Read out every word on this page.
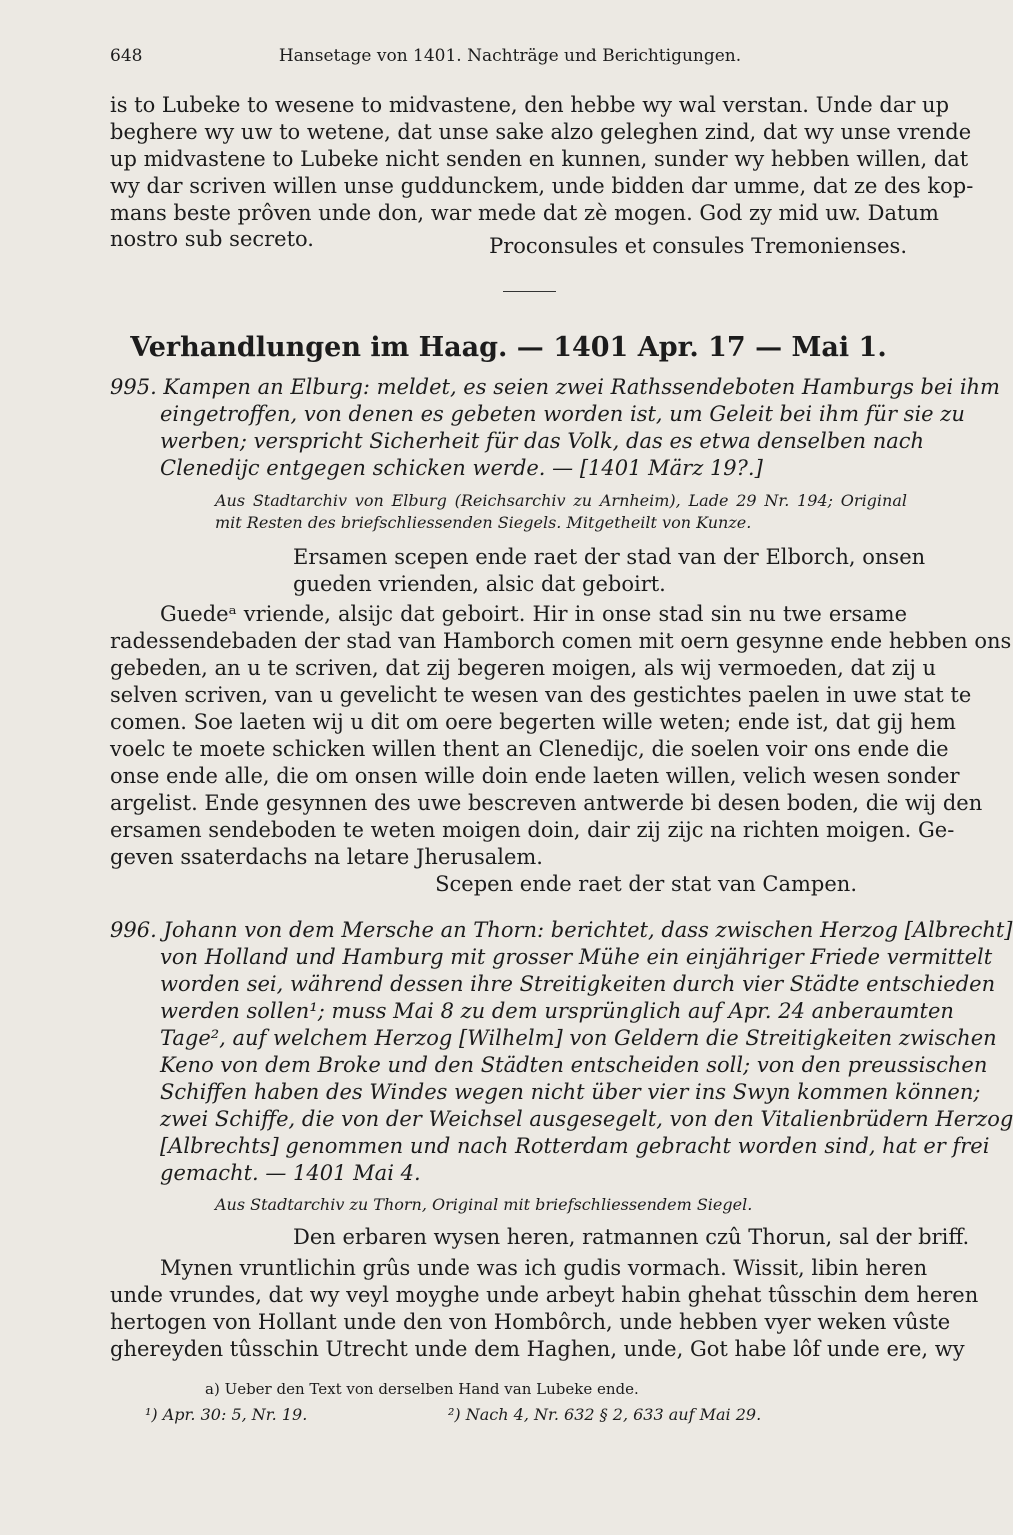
648	Hansetage von 1401. Nachträge und Berichtigungen.
is to Lubeke to wesene to midvastene, den hebbe wy wal verstan. Unde dar up
beghere wy uw to wetene, dat unse sake alzo geleghen zind, dat wy unse vrende
up midvastene to Lubeke nicht senden en kunnen, sunder wy hebben willen, dat
wy dar scriven willen unse guddunckem, unde bidden dar umme, dat ze des kop-
mans beste prôven unde don, war mede dat zè mogen. God zy mid uw. Datum
nostro sub secreto.	Proconsules et consules Tremonienses.
Verhandlungen im Haag. — 1401 Apr. 17 — Mai 1.
995. Kampen an Elburg: meldet, es seien zwei Rathssendeboten Hamburgs bei ihm
eingetroffen, von denen es gebeten worden ist, um Geleit bei ihm für sie zu
werben; verspricht Sicherheit für das Volk, das es etwa denselben nach
Clenedijc entgegen schicken werde. — [1401 März 19?.]
Aus Stadtarchiv von Elburg (Reichsarchiv zu Arnheim), Lade 29 Nr. 194; Original
mit Resten des briefschliessenden Siegels. Mitgetheilt von Kunze.
Ersamen scepen ende raet der stad van der Elborch, onsen
gueden vrienden, alsic dat geboirt.
Guedeᵃ vriende, alsijc dat geboirt. Hir in onse stad sin nu twe ersame
radessendebaden der stad van Hamborch comen mit oern gesynne ende hebben ons
gebeden, an u te scriven, dat zij begeren moigen, als wij vermoeden, dat zij u
selven scriven, van u gevelicht te wesen van des gestichtes paelen in uwe stat te
comen. Soe laeten wij u dit om oere begerten wille weten; ende ist, dat gij hem
voelc te moete schicken willen thent an Clenedijc, die soelen voir ons ende die
onse ende alle, die om onsen wille doin ende laeten willen, velich wesen sonder
argelist. Ende gesynnen des uwe bescreven antwerde bi desen boden, die wij den
ersamen sendeboden te weten moigen doin, dair zij zijc na richten moigen. Ge-
geven ssaterdachs na letare Jherusalem.
Scepen ende raet der stat van Campen.
996. Johann von dem Mersche an Thorn: berichtet, dass zwischen Herzog [Albrecht]
von Holland und Hamburg mit grosser Mühe ein einjähriger Friede vermittelt
worden sei, während dessen ihre Streitigkeiten durch vier Städte entschieden
werden sollen¹; muss Mai 8 zu dem ursprünglich auf Apr. 24 anberaumten
Tage², auf welchem Herzog [Wilhelm] von Geldern die Streitigkeiten zwischen
Keno von dem Broke und den Städten entscheiden soll; von den preussischen
Schiffen haben des Windes wegen nicht über vier ins Swyn kommen können;
zwei Schiffe, die von der Weichsel ausgesegelt, von den Vitalienbrüdern Herzog
[Albrechts] genommen und nach Rotterdam gebracht worden sind, hat er frei
gemacht. — 1401 Mai 4.
Aus Stadtarchiv zu Thorn, Original mit briefschliessendem Siegel.
Den erbaren wysen heren, ratmannen czû Thorun, sal der briff.
Mynen vruntlichin grûs unde was ich gudis vormach. Wissit, libin heren
unde vrundes, dat wy veyl moyghe unde arbeyt habin ghehat tûsschin dem heren
hertogen von Hollant unde den von Hombôrch, unde hebben vyer weken vûste
ghereyden tûsschin Utrecht unde dem Haghen, unde, Got habe lôf unde ere, wy
a) Ueber den Text von derselben Hand van Lubeke ende.
¹) Apr. 30: 5, Nr. 19.	²) Nach 4, Nr. 632 § 2, 633 auf Mai 29.
